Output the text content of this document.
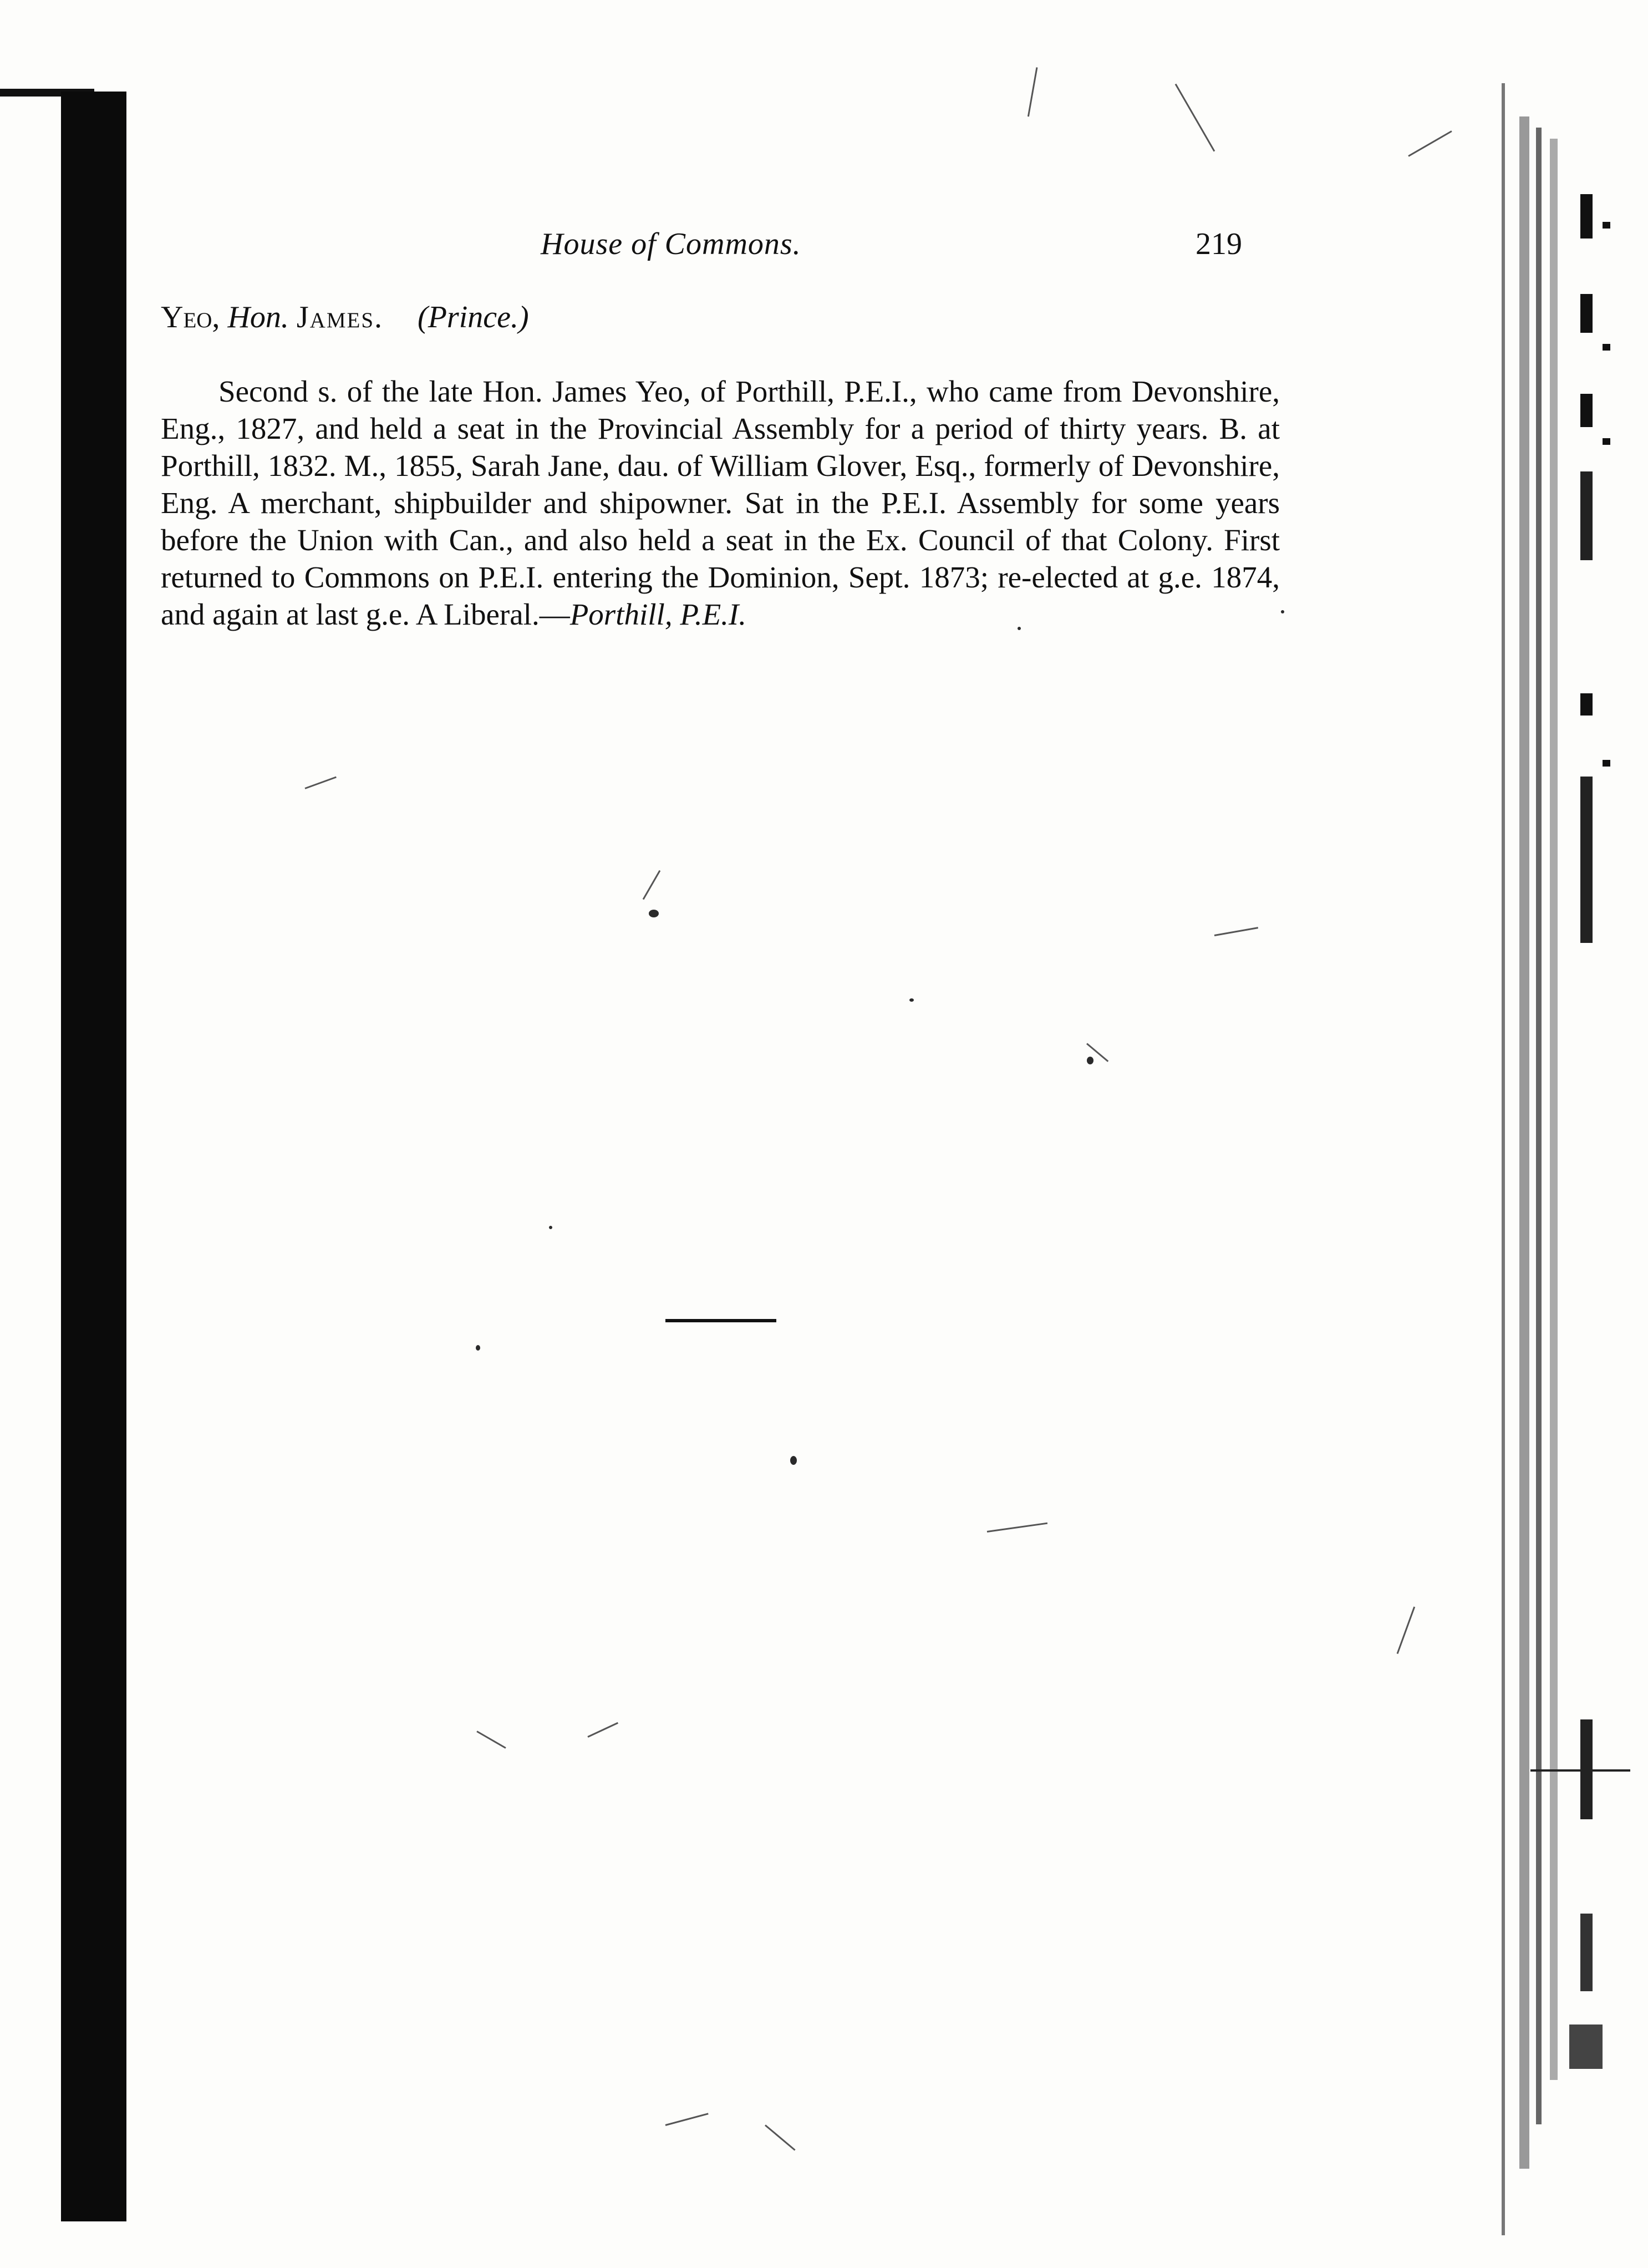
House of Commons.	219
Yeo, Hon. James. (Prince.)
Second s. of the late Hon. James Yeo, of Porthill, P.E.I., who came from Devonshire, Eng., 1827, and held a seat in the Provincial Assembly for a period of thirty years. B. at Porthill, 1832. M., 1855, Sarah Jane, dau. of William Glover, Esq., formerly of Devonshire, Eng. A merchant, shipbuilder and shipowner. Sat in the P.E.I. Assembly for some years before the Union with Can., and also held a seat in the Ex. Council of that Colony. First returned to Commons on P.E.I. entering the Dominion, Sept. 1873; re-elected at g.e. 1874, and again at last g.e. A Liberal.—Porthill, P.E.I.
